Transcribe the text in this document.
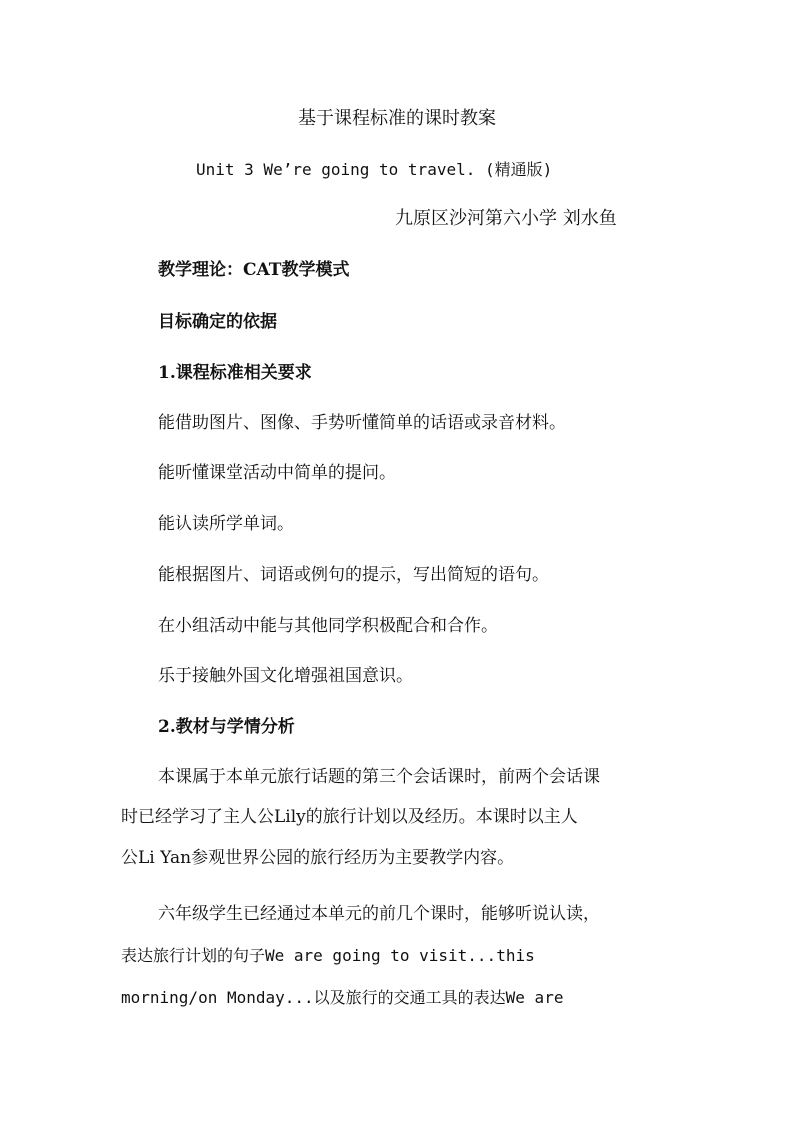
基于课程标准的课时教案
Unit 3 We’re going to travel. (精通版)
九原区沙河第六小学 刘水鱼
教学理论：CAT教学模式
目标确定的依据
1.课程标准相关要求
能借助图片、图像、手势听懂简单的话语或录音材料。
能听懂课堂活动中简单的提问。
能认读所学单词。
能根据图片、词语或例句的提示，写出简短的语句。
在小组活动中能与其他同学积极配合和合作。
乐于接触外国文化增强祖国意识。
2.教材与学情分析
本课属于本单元旅行话题的第三个会话课时，前两个会话课
时已经学习了主人公Lily的旅行计划以及经历。本课时以主人
公Li Yan参观世界公园的旅行经历为主要教学内容。
六年级学生已经通过本单元的前几个课时，能够听说认读，
表达旅行计划的句子We are going to visit...this
morning/on Monday...以及旅行的交通工具的表达We are
